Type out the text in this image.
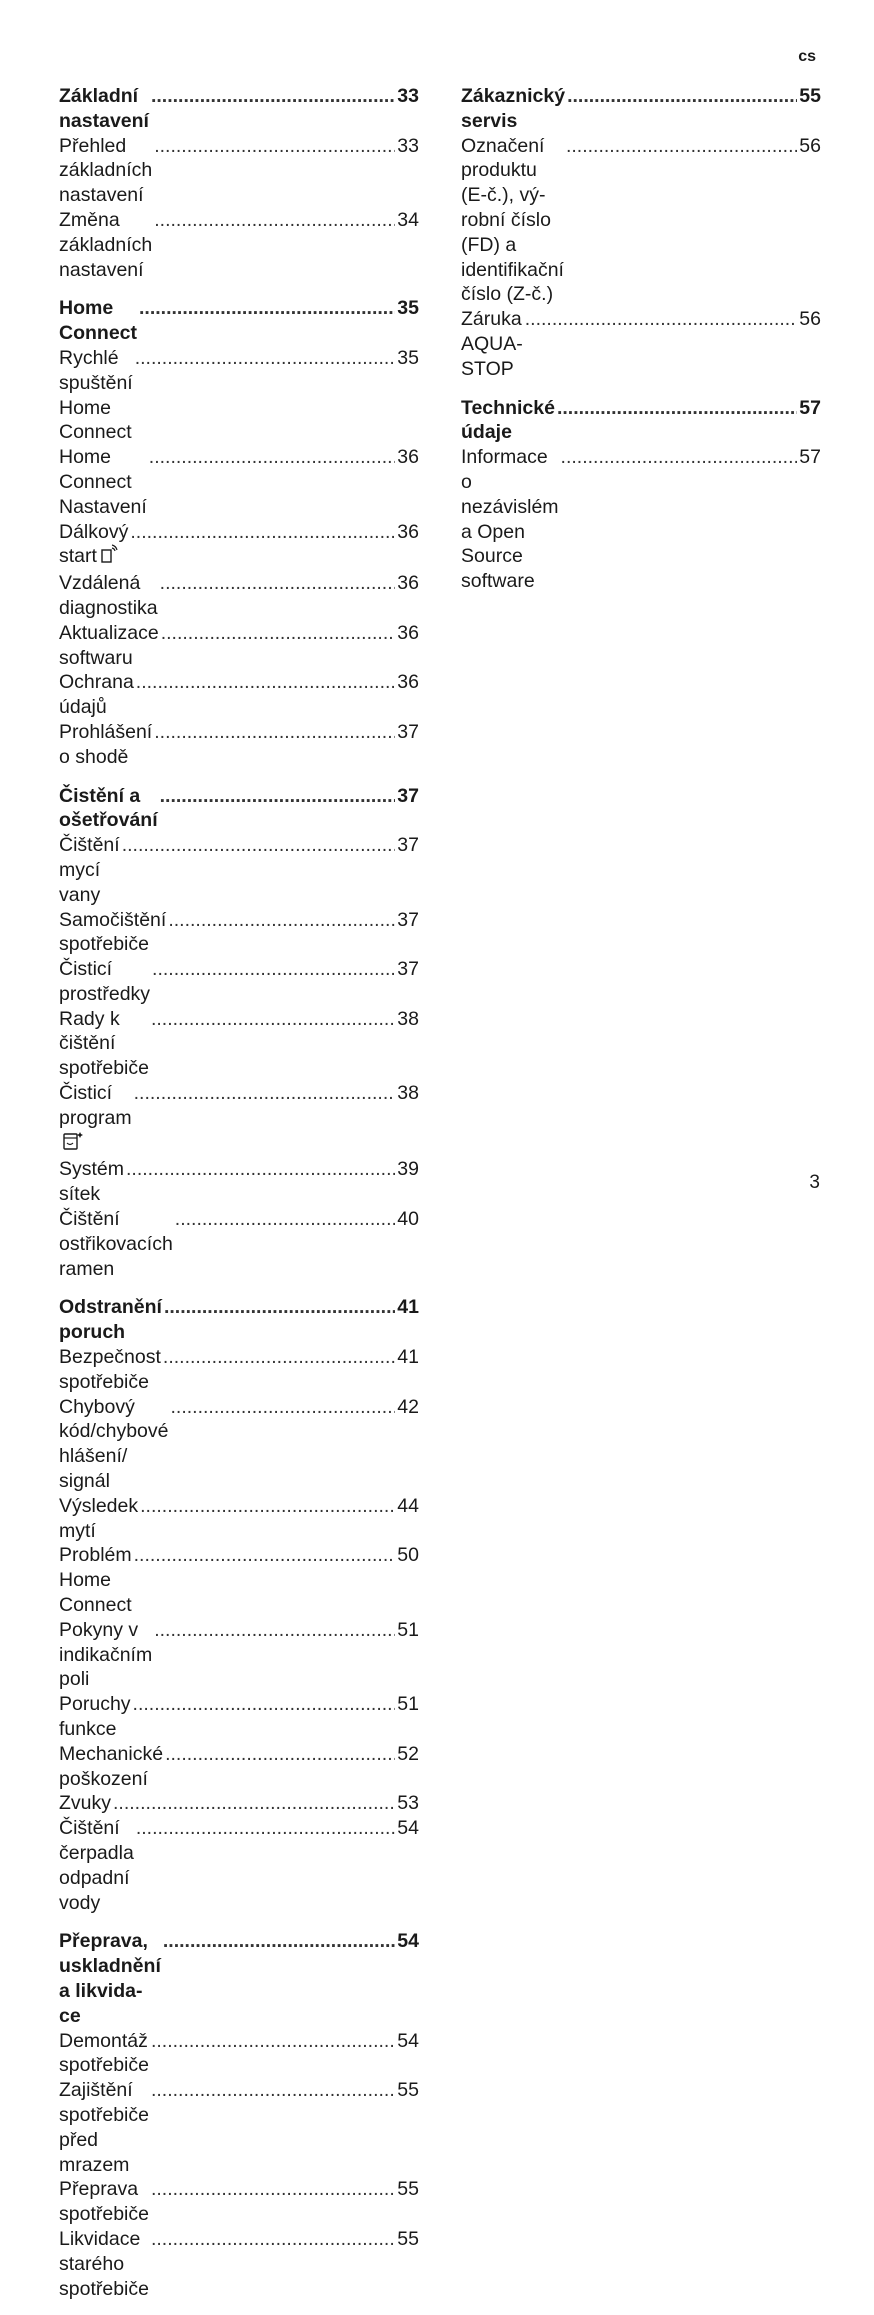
cs
Základní nastavení
.....
33
Přehled základních nastavení
.....
33
Změna základních nastavení
.....
34
Home Connect
.....
35
Rychlé spuštění Home Connect
.....
35
Home Connect Nastavení
.....
36
Dálkový start
.....
36
Vzdálená diagnostika
.....
36
Aktualizace softwaru
.....
36
Ochrana údajů
.....
36
Prohlášení o shodě
.....
37
Čistění a ošetřování
.....
37
Čištění mycí vany
.....
37
Samočištění spotřebiče
.....
37
Čisticí prostředky
.....
37
Rady k čištění spotřebiče
.....
38
Čisticí program
.....
38
Systém sítek
.....
39
Čištění ostřikovacích ramen
.....
40
Odstranění poruch
.....
41
Bezpečnost spotřebiče
.....
41
Chybový kód/chybové hlášení/
signál
.....
42
Výsledek mytí
.....
44
Problém Home Connect
.....
50
Pokyny v indikačním poli
.....
51
Poruchy funkce
.....
51
Mechanické poškození
.....
52
Zvuky
.....	53
Čištění čerpadla odpadní vody
.....
54
Přeprava, uskladnění a likvida-
ce
.....
54
Demontáž spotřebiče
.....
54
Zajištění spotřebiče před
mrazem
.....
55
Přeprava spotřebiče
.....
55
Likvidace starého spotřebiče
.....
55
Zákaznický servis
.....
55
Označení produktu (E-č.), vý-
robní číslo (FD) a identifikační
číslo (Z-č.)
.....
56
Záruka AQUA-STOP
.....
56
Technické údaje
.....
57
Informace o nezávislém a Open
Source software
.....
57
3
